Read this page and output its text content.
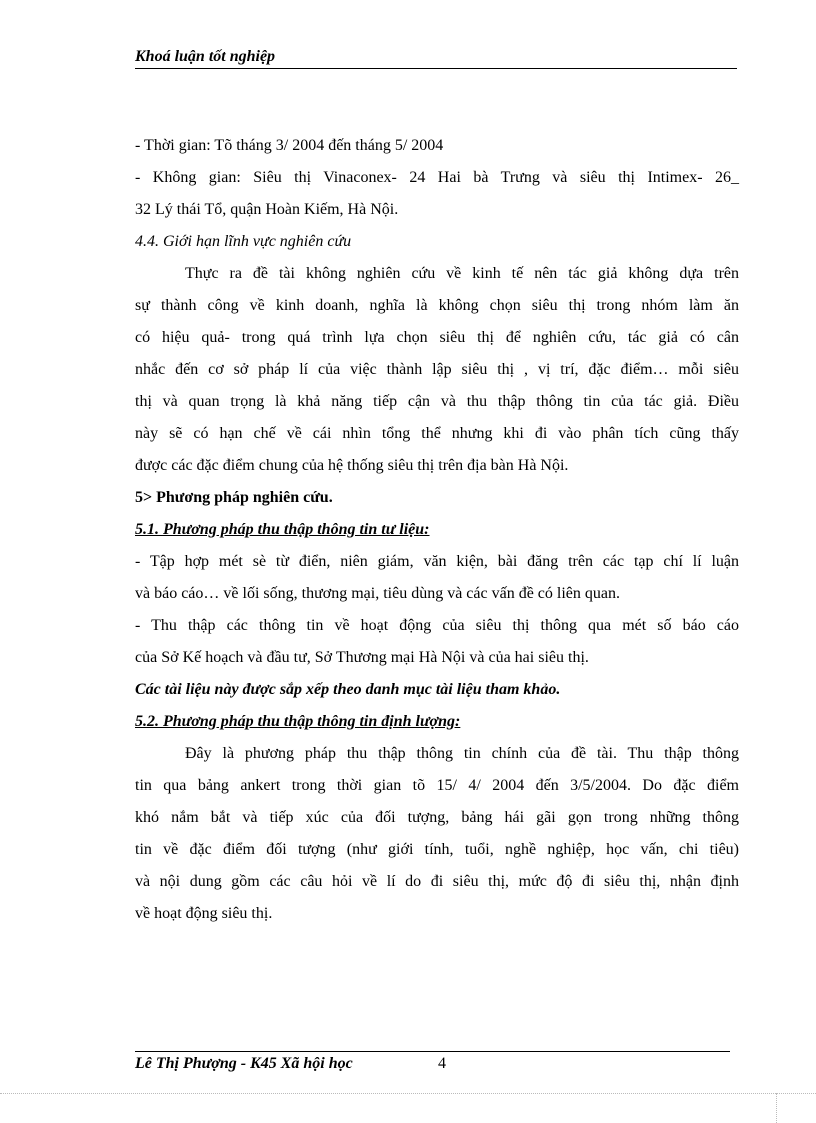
Khoá luận tốt nghiệp

- Thời gian: Tõ tháng 3/ 2004 đến tháng 5/ 2004

- Không gian: Siêu thị Vinaconex- 24 Hai bà Trưng và siêu thị Intimex- 26_

32 Lý thái Tổ, quận Hoàn Kiếm, Hà Nội.

4.4. Giới hạn lĩnh vực nghiên cứu

Thực ra đề tài không nghiên cứu về kinh tế nên tác giả không dựa trên

sự thành công về kinh doanh, nghĩa là không chọn siêu thị trong nhóm làm ăn

có hiệu quả- trong quá trình lựa chọn siêu thị để nghiên cứu, tác giả có cân

nhắc đến cơ sở pháp lí của việc thành lập siêu thị , vị trí, đặc điểm… mỗi siêu

thị và quan trọng là khả năng tiếp cận và thu thập thông tin của tác giả. Điều

này sẽ có hạn chế về cái nhìn tổng thể nhưng khi đi vào phân tích cũng thấy

được các đặc điểm chung của hệ thống siêu thị trên địa bàn Hà Nội.

5> Phương pháp nghiên cứu.

5.1. Phương pháp thu thập thông tin tư liệu:

- Tập hợp mét sè từ điển, niên giám, văn kiện, bài đăng trên các tạp chí lí luận

và báo cáo… về lối sống, thương mại, tiêu dùng và các vấn đề có liên quan.

- Thu thập các thông tin về hoạt động của siêu thị thông qua mét số báo cáo

của Sở Kế hoạch và đầu tư, Sở Thương mại Hà Nội và của hai siêu thị.

Các tài liệu này được sắp xếp theo danh mục tài liệu tham khảo.

5.2. Phương pháp thu thập thông tin định lượng:

Đây là phương pháp thu thập thông tin chính của đề tài. Thu thập thông

tin qua bảng ankert trong thời gian tõ 15/ 4/ 2004 đến 3/5/2004. Do đặc điểm

khó nắm bắt và tiếp xúc của đối tượng, bảng hái gãi gọn trong những thông

tin về đặc điểm đối tượng (như giới tính, tuổi, nghề nghiệp, học vấn, chi tiêu)

và nội dung gồm các câu hỏi về lí do đi siêu thị, mức độ đi siêu thị, nhận định

về hoạt động siêu thị.

Lê Thị Phượng - K45 Xã hội học	4
